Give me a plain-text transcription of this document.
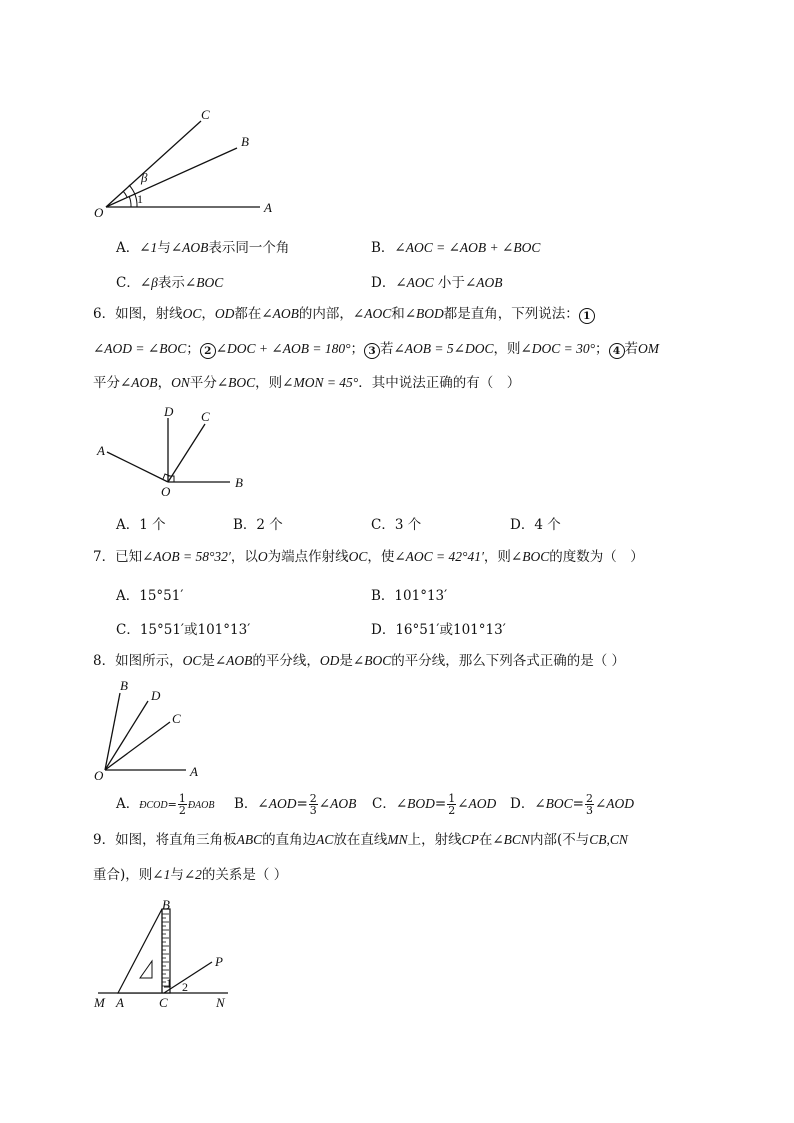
C
B
β
1
O	A
A．∠1与∠AOB表示同一个角	B．∠AOC = ∠AOB + ∠BOC
C．∠β表示∠BOC	D．∠AOC 小于∠AOB
6．如图，射线OC，OD都在∠AOB的内部，∠AOC和∠BOD都是直角，下列说法： 1
∠AOD = ∠BOC； 2 ∠DOC + ∠AOB = 180°； 3 若∠AOB = 5∠DOC，则∠DOC = 30°； 4 若OM
平分∠AOB，ON平分∠BOC，则∠MON = 45°．其中说法正确的有（　）
D C
A
O
B
A．1 个	B．2 个	C．3 个	D．4 个
7．已知∠AOB = 58°32′，以O为端点作射线OC，使∠AOC = 42°41′，则∠BOC的度数为（　）
A．15°51′	B．101°13′
C．15°51′或101°13′	D．16°51′或101°13′
8．如图所示，OC是∠AOB的平分线，OD是∠BOC的平分线，那么下列各式正确的是（ ）
B
D
C
O	A
A．ÐCOD= $\frac{1}{2}$ ÐAOB B．∠AOD= $\frac{2}{3}$ ∠AOB C．∠BOD= $\frac{1}{2}$ ∠AOD D．∠BOC= $\frac{2}{3}$ ∠AOD
9．如图，将直角三角板ABC的直角边AC放在直线MN上，射线CP在∠BCN内部(不与CB,CN
重合)，则∠1与∠2的关系是（ ）
B
P
1 2
M A	C	N
